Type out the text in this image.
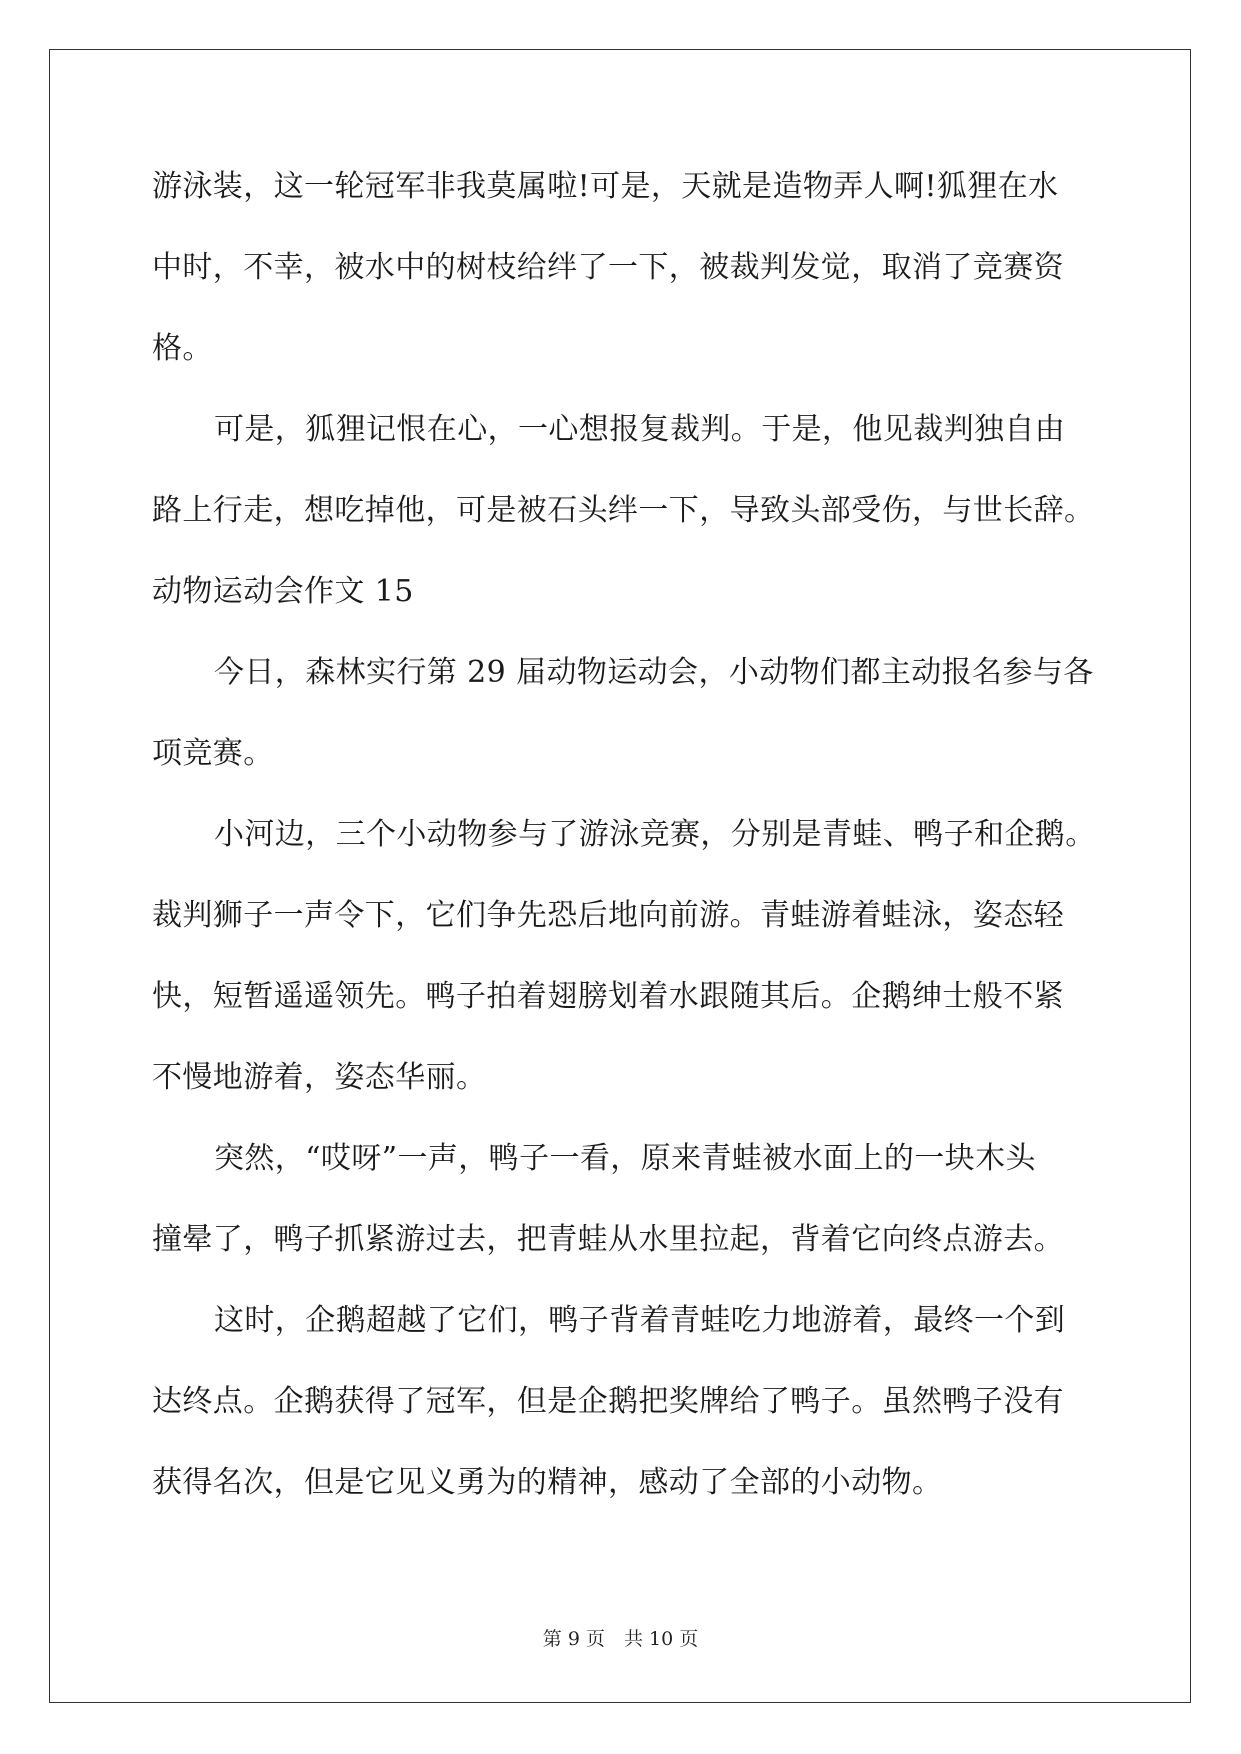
游泳装，这一轮冠军非我莫属啦!可是，天就是造物弄人啊!狐狸在水
中时，不幸，被水中的树枝给绊了一下，被裁判发觉，取消了竞赛资
格。
可是，狐狸记恨在心，一心想报复裁判。于是，他见裁判独自由
路上行走，想吃掉他，可是被石头绊一下，导致头部受伤，与世长辞。
动物运动会作文 15
今日，森林实行第 29 届动物运动会，小动物们都主动报名参与各
项竞赛。
小河边，三个小动物参与了游泳竞赛，分别是青蛙、鸭子和企鹅。
裁判狮子一声令下，它们争先恐后地向前游。青蛙游着蛙泳，姿态轻
快，短暂遥遥领先。鸭子拍着翅膀划着水跟随其后。企鹅绅士般不紧
不慢地游着，姿态华丽。
突然，“哎呀”一声，鸭子一看，原来青蛙被水面上的一块木头
撞晕了，鸭子抓紧游过去，把青蛙从水里拉起，背着它向终点游去。
这时，企鹅超越了它们，鸭子背着青蛙吃力地游着，最终一个到
达终点。企鹅获得了冠军，但是企鹅把奖牌给了鸭子。虽然鸭子没有
获得名次，但是它见义勇为的精神，感动了全部的小动物。
第 9 页　共 10 页
